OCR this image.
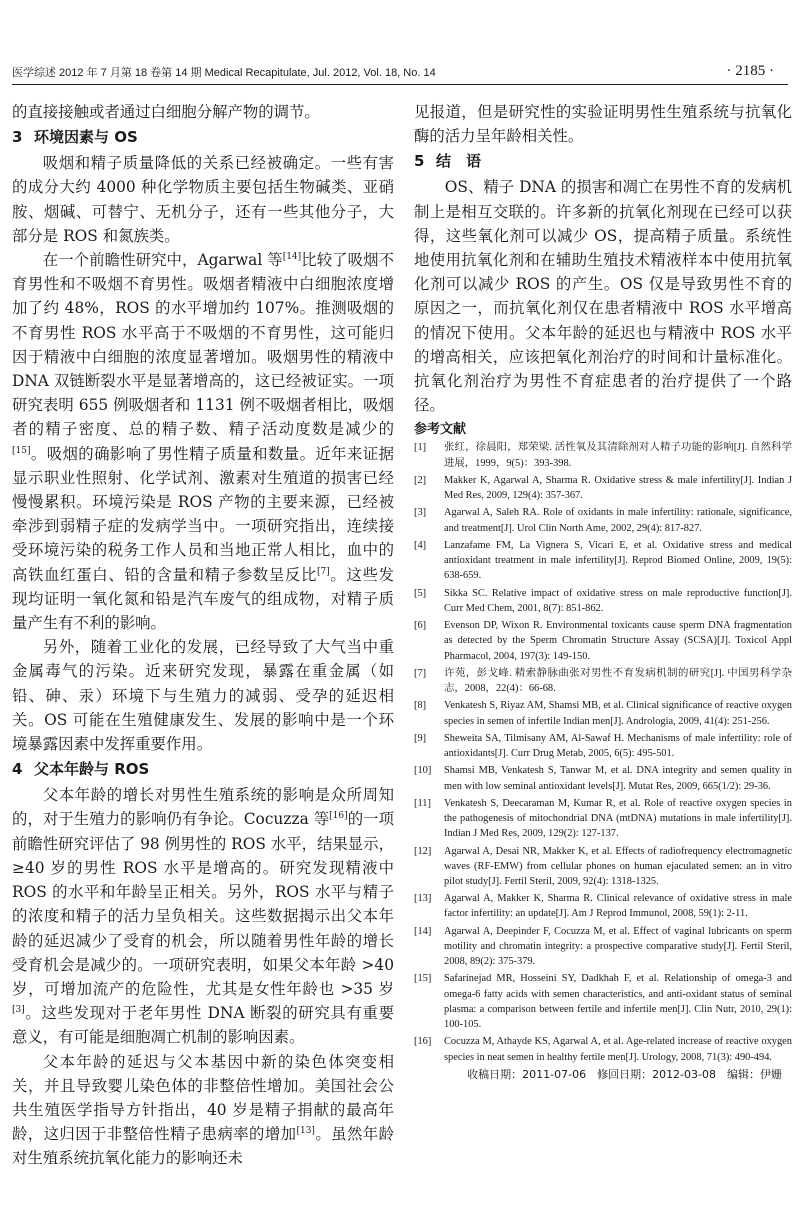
医学综述 2012 年 7 月第 18 卷第 14 期 Medical Recapitulate, Jul. 2012, Vol. 18, No. 14	· 2185 ·

的直接接触或者通过白细胞分解产物的调节。

3 环境因素与 OS

吸烟和精子质量降低的关系已经被确定。一些有害的成分大约 4000 种化学物质主要包括生物碱类、亚硝胺、烟碱、可替宁、无机分子，还有一些其他分子，大部分是 ROS 和氮族类。

在一个前瞻性研究中，Agarwal 等[14]比较了吸烟不育男性和不吸烟不育男性。吸烟者精液中白细胞浓度增加了约 48%，ROS 的水平增加约 107%。推测吸烟的不育男性 ROS 水平高于不吸烟的不育男性，这可能归因于精液中白细胞的浓度显著增加。吸烟男性的精液中 DNA 双链断裂水平是显著增高的，这已经被证实。一项研究表明 655 例吸烟者和 1131 例不吸烟者相比，吸烟者的精子密度、总的精子数、精子活动度数是减少的[15]。吸烟的确影响了男性精子质量和数量。近年来证据显示职业性照射、化学试剂、激素对生殖道的损害已经慢慢累积。环境污染是 ROS 产物的主要来源，已经被牵涉到弱精子症的发病学当中。一项研究指出，连续接受环境污染的税务工作人员和当地正常人相比，血中的高铁血红蛋白、铅的含量和精子参数呈反比[7]。这些发现均证明一氧化氮和铅是汽车废气的组成物，对精子质量产生有不利的影响。

另外，随着工业化的发展，已经导致了大气当中重金属毒气的污染。近来研究发现，暴露在重金属（如铅、砷、汞）环境下与生殖力的减弱、受孕的延迟相关。OS 可能在生殖健康发生、发展的影响中是一个环境暴露因素中发挥重要作用。

4 父本年龄与 ROS

父本年龄的增长对男性生殖系统的影响是众所周知的，对于生殖力的影响仍有争论。Cocuzza 等[16]的一项前瞻性研究评估了 98 例男性的 ROS 水平，结果显示，≥40 岁的男性 ROS 水平是增高的。研究发现精液中 ROS 的水平和年龄呈正相关。另外，ROS 水平与精子的浓度和精子的活力呈负相关。这些数据揭示出父本年龄的延迟减少了受育的机会，所以随着男性年龄的增长受育机会是减少的。一项研究表明，如果父本年龄 >40 岁，可增加流产的危险性，尤其是女性年龄也 >35 岁[3]。这些发现对于老年男性 DNA 断裂的研究具有重要意义，有可能是细胞凋亡机制的影响因素。

父本年龄的延迟与父本基因中新的染色体突变相关，并且导致婴儿染色体的非整倍性增加。美国社会公共生殖医学指导方针指出，40 岁是精子捐献的最高年龄，这归因于非整倍性精子患病率的增加[13]。虽然年龄对生殖系统抗氧化能力的影响还未

见报道，但是研究性的实验证明男性生殖系统与抗氧化酶的活力呈年龄相关性。

5 结　语

OS、精子 DNA 的损害和凋亡在男性不育的发病机制上是相互交联的。许多新的抗氧化剂现在已经可以获得，这些氧化剂可以减少 OS，提高精子质量。系统性地使用抗氧化剂和在辅助生殖技术精液样本中使用抗氧化剂可以减少 ROS 的产生。OS 仅是导致男性不育的原因之一，而抗氧化剂仅在患者精液中 ROS 水平增高的情况下使用。父本年龄的延迟也与精液中 ROS 水平的增高相关，应该把氧化剂治疗的时间和计量标准化。抗氧化剂治疗为男性不育症患者的治疗提供了一个路径。

参考文献
[1]	张红，徐晨阳，郑荣梁. 活性氧及其清除剂对人精子功能的影响[J]. 自然科学进展，1999，9(5)：393-398.
[2]	Makker K, Agarwal A, Sharma R. Oxidative stress & male infertility[J]. Indian J Med Res, 2009, 129(4): 357-367.
[3]	Agarwal A, Saleh RA. Role of oxidants in male infertility: rationale, significance, and treatment[J]. Urol Clin North Ame, 2002, 29(4): 817-827.
[4]	Lanzafame FM, La Vignera S, Vicari E, et al. Oxidative stress and medical antioxidant treatment in male infertility[J]. Reprod Biomed Online, 2009, 19(5): 638-659.
[5]	Sikka SC. Relative impact of oxidative stress on male reproductive function[J]. Curr Med Chem, 2001, 8(7): 851-862.
[6]	Evenson DP, Wixon R. Environmental toxicants cause sperm DNA fragmentation as detected by the Sperm Chromatin Structure Assay (SCSA)[J]. Toxicol Appl Pharmacol, 2004, 197(3): 149-150.
[7]	许苑，彭戈峰. 精索静脉曲张对男性不育发病机制的研究[J]. 中国男科学杂志，2008，22(4)：66-68.
[8]	Venkatesh S, Riyaz AM, Shamsi MB, et al. Clinical significance of reactive oxygen species in semen of infertile Indian men[J]. Andrologia, 2009, 41(4): 251-256.
[9]	Sheweita SA, Tilmisany AM, Al-Sawaf H. Mechanisms of male infertility: role of antioxidants[J]. Curr Drug Metab, 2005, 6(5): 495-501.
[10]	Shamsi MB, Venkatesh S, Tanwar M, et al. DNA integrity and semen quality in men with low seminal antioxidant levels[J]. Mutat Res, 2009, 665(1/2): 29-36.
[11]	Venkatesh S, Deecaraman M, Kumar R, et al. Role of reactive oxygen species in the pathogenesis of mitochondrial DNA (mtDNA) mutations in male infertility[J]. Indian J Med Res, 2009, 129(2): 127-137.
[12]	Agarwal A, Desai NR, Makker K, et al. Effects of radiofrequency electromagnetic waves (RF-EMW) from cellular phones on human ejaculated semen: an in vitro pilot study[J]. Fertil Steril, 2009, 92(4): 1318-1325.
[13]	Agarwal A, Makker K, Sharma R. Clinical relevance of oxidative stress in male factor infertility: an update[J]. Am J Reprod Immunol, 2008, 59(1): 2-11.
[14]	Agarwal A, Deepinder F, Cocuzza M, et al. Effect of vaginal lubricants on sperm motility and chromatin integrity: a prospective comparative study[J]. Fertil Steril, 2008, 89(2): 375-379.
[15]	Safarinejad MR, Hosseini SY, Dadkhah F, et al. Relationship of omega-3 and omega-6 fatty acids with semen characteristics, and anti-oxidant status of seminal plasma: a comparison between fertile and infertile men[J]. Clin Nutr, 2010, 29(1): 100-105.
[16]	Cocuzza M, Athayde KS, Agarwal A, et al. Age-related increase of reactive oxygen species in neat semen in healthy fertile men[J]. Urology, 2008, 71(3): 490-494.
收稿日期：2011-07-06　修回日期：2012-03-08　编辑：伊姗
